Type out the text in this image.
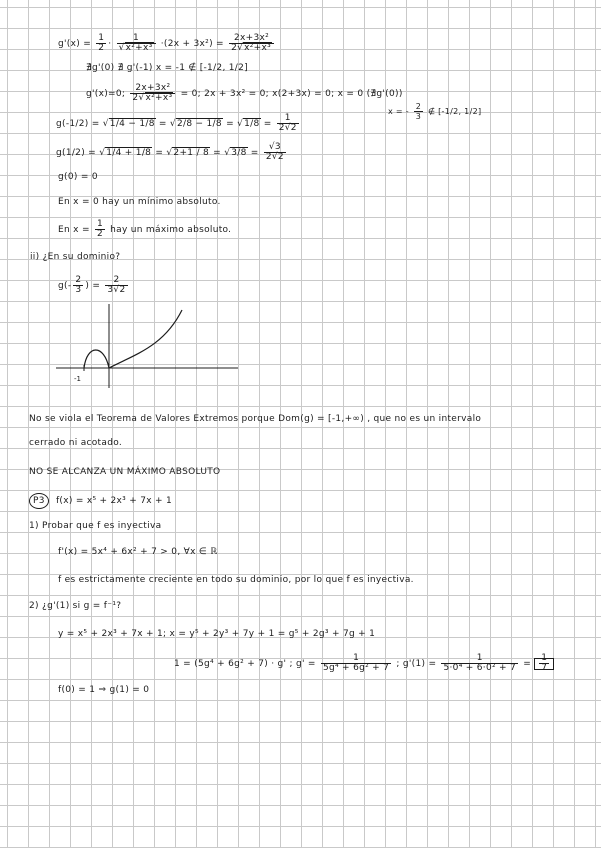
$g'(x) = \frac{1}{2} \cdot \frac{1}{\text{√x²+x³}} \cdot(2x + 3x^2) = \frac{\text{2x+3x²}}{\text{2√x²+x³}}$
∄g'(0) ∄ g'(-1) x = -1 ∉ [-1/2, 1/2]
g'(x)=0; $\frac{\text{2x+3x²}}{\text{2√x²+x³}} = 0$; 2x + 3x² = 0; x(2+3x) = 0; x = 0 (∄g'(0))
x = - $\frac{2}{3}$ ∉ [-1/2, 1/2]
$g(-1/2) = √1/4 - 1/8 = √2/8 - 1/8 = √1/8 = \frac{1}{2√2}$
$g(1/2) = √1/4 + 1/8 = √2+1 / 8 = √3/8 = \frac{√3}{2√2}$
g(0) = 0
En x = 0 hay un mínimo absoluto.
En $x = \frac{1}{2}$ hay un máximo absoluto.
ii) ¿En su dominio?
$g(- \frac{2}{3}$ ) = $\frac{2}{3√2}$
-1
No se viola el Teorema de Valores Extremos porque Dom(g) = [-1,+∞) , que no es un intervalo
cerrado ni acotado.
NO SE ALCANZA UN MÁXIMO ABSOLUTO
P3 f(x) = x⁵ + 2x³ + 7x + 1
1) Probar que f es inyectiva
f'(x) = 5x⁴ + 6x² + 7 > 0, ∀x ∈ ℝ
f es estrictamente creciente en todo su dominio, por lo que f es inyectiva.
2) ¿g'(1) si g = f⁻¹?
y = x⁵ + 2x³ + 7x + 1; x = y⁵ + 2y³ + 7y + 1 = g⁵ + 2g³ + 7g + 1
1 = (5g⁴ + 6g² + 7) · g' ; $g' = \frac{1}{\text{5g⁴ + 6g² + 7}}$ ; $g'(1) = \frac{1}{\text{5·0⁴ + 6·0² + 7}} = \frac{1}{7}$
f(0) = 1 ⇒ g(1) = 0
